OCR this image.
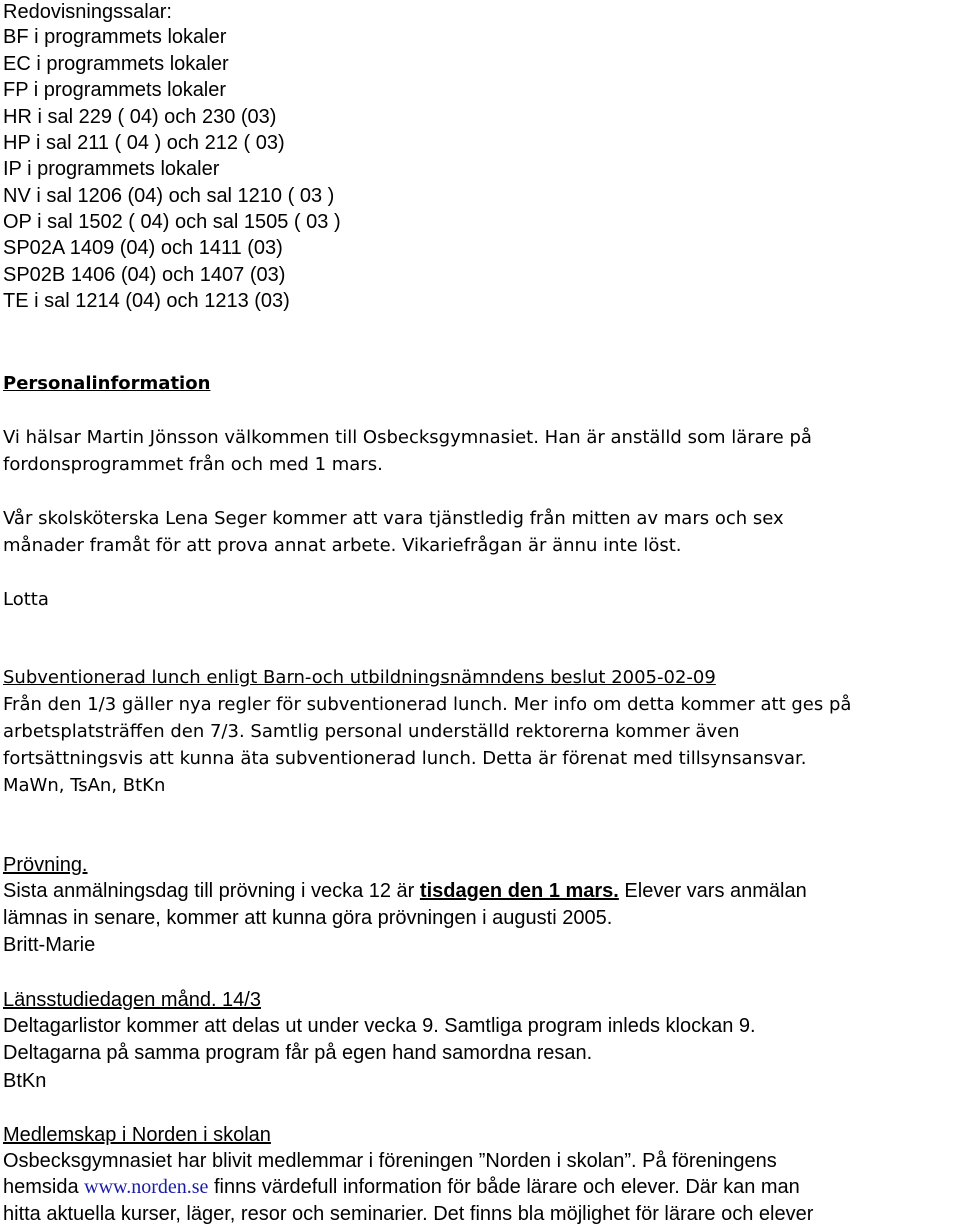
Redovisningssalar:
BF i programmets lokaler
EC i programmets lokaler
FP i programmets lokaler
HR i sal 229 ( 04) och 230 (03)
HP i sal 211 ( 04 ) och 212 ( 03)
IP i programmets lokaler
NV i sal 1206 (04) och sal 1210 ( 03 )
OP i sal 1502 ( 04) och sal 1505 ( 03 )
SP02A 1409 (04) och 1411 (03)
SP02B 1406 (04) och 1407 (03)
TE i sal 1214 (04) och 1213 (03)
Personalinformation
Vi hälsar Martin Jönsson välkommen till Osbecksgymnasiet. Han är anställd som lärare på
fordonsprogrammet från och med 1 mars.
Vår skolsköterska Lena Seger kommer att vara tjänstledig från mitten av mars och sex
månader framåt för att prova annat arbete. Vikariefrågan är ännu inte löst.
Lotta
Subventionerad lunch enligt Barn-och utbildningsnämndens beslut 2005-02-09
Från den 1/3 gäller nya regler för subventionerad lunch. Mer info om detta kommer att ges på
arbetsplatsträffen den 7/3. Samtlig personal underställd rektorerna kommer även
fortsättningsvis att kunna äta subventionerad lunch. Detta är förenat med tillsynsansvar.
MaWn, TsAn, BtKn
Prövning.
Sista anmälningsdag till prövning i vecka 12 är tisdagen den 1 mars. Elever vars anmälan
lämnas in senare, kommer att kunna göra prövningen i augusti 2005.
Britt-Marie
Länsstudiedagen månd. 14/3
Deltagarlistor kommer att delas ut under vecka 9. Samtliga program inleds klockan 9.
Deltagarna på samma program får på egen hand samordna resan.
BtKn
Medlemskap i Norden i skolan
Osbecksgymnasiet har blivit medlemmar i föreningen ”Norden i skolan”. På föreningens
hemsida www.norden.se finns värdefull information för både lärare och elever. Där kan man
hitta aktuella kurser, läger, resor och seminarier. Det finns bla möjlighet för lärare och elever
